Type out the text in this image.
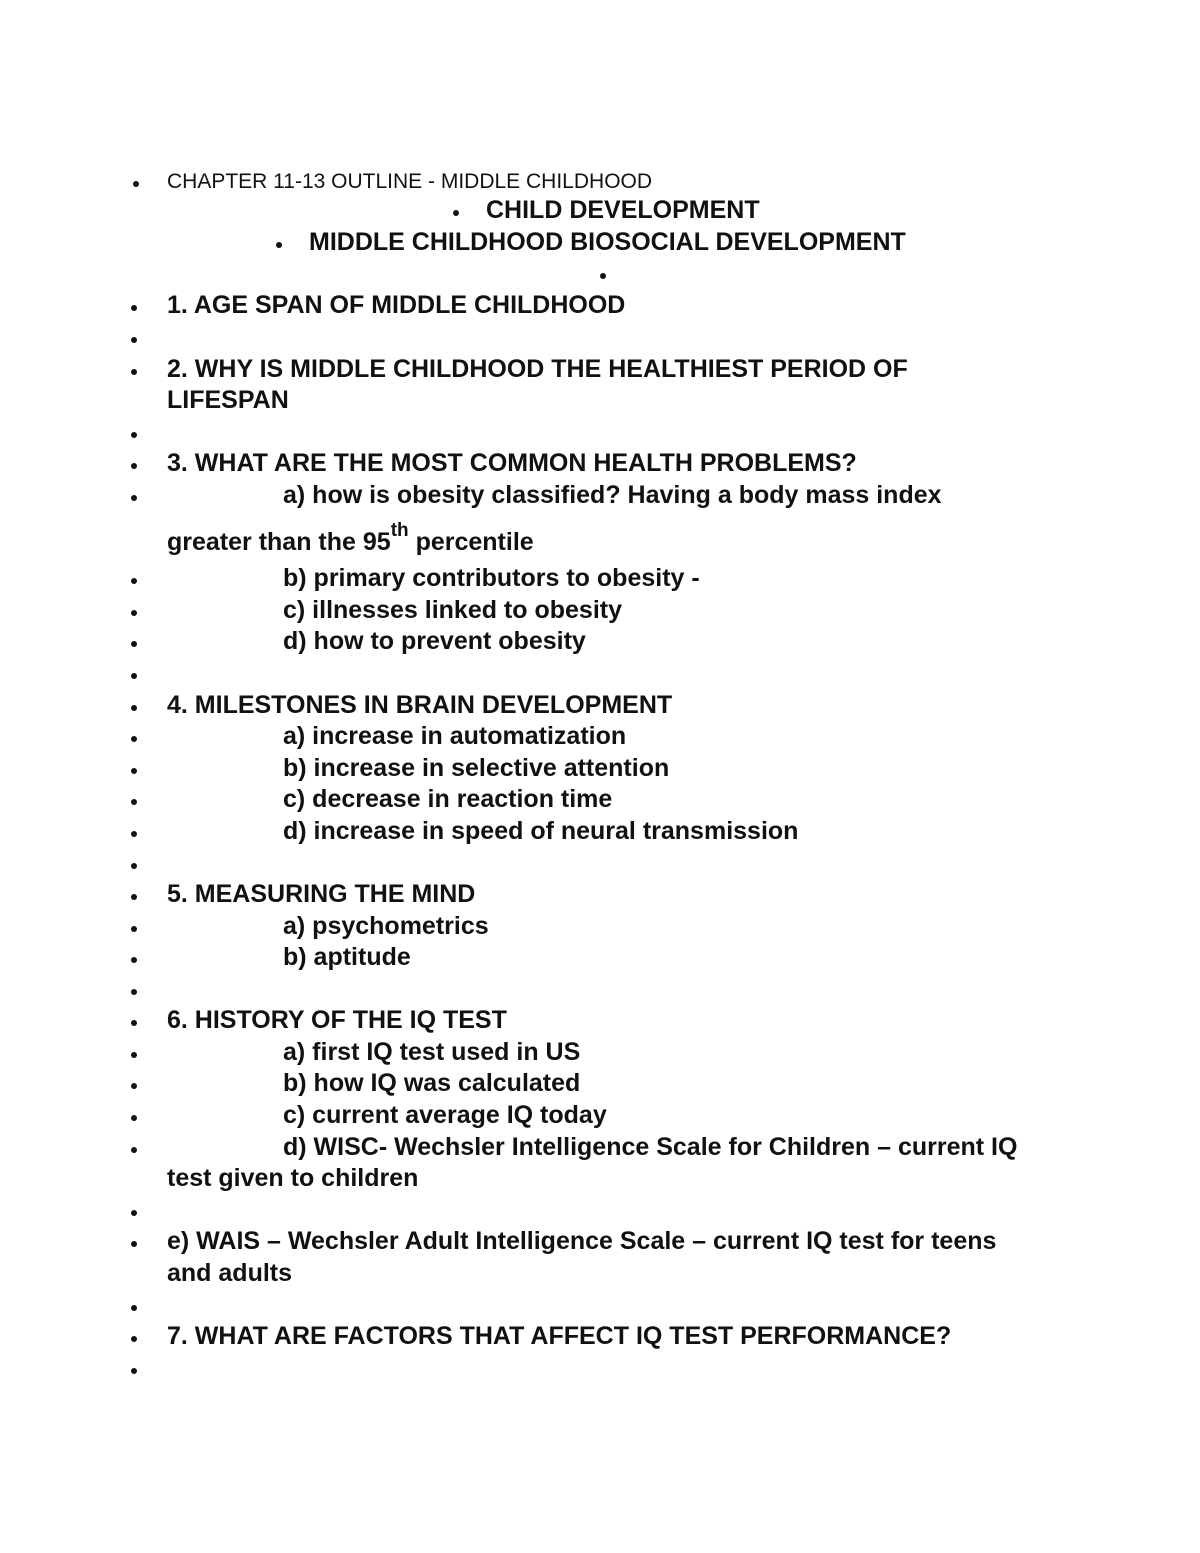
CHAPTER 11-13 OUTLINE - MIDDLE CHILDHOOD
CHILD DEVELOPMENT
MIDDLE CHILDHOOD BIOSOCIAL DEVELOPMENT
1. AGE SPAN OF MIDDLE CHILDHOOD
2. WHY IS MIDDLE CHILDHOOD THE HEALTHIEST PERIOD OF
LIFESPAN
3. WHAT ARE THE MOST COMMON HEALTH PROBLEMS?
a) how is obesity classified? Having a body mass index
greater than the 95th percentile
b) primary contributors to obesity -
c) illnesses linked to obesity
d) how to prevent obesity
4. MILESTONES IN BRAIN DEVELOPMENT
a) increase in automatization
b) increase in selective attention
c) decrease in reaction time
d) increase in speed of neural transmission
5. MEASURING THE MIND
a) psychometrics
b) aptitude
6. HISTORY OF THE IQ TEST
a) first IQ test used in US
b) how IQ was calculated
c) current average IQ today
d) WISC- Wechsler Intelligence Scale for Children – current IQ
test given to children
e) WAIS – Wechsler Adult Intelligence Scale – current IQ test for teens
and adults
7. WHAT ARE FACTORS THAT AFFECT IQ TEST PERFORMANCE?
